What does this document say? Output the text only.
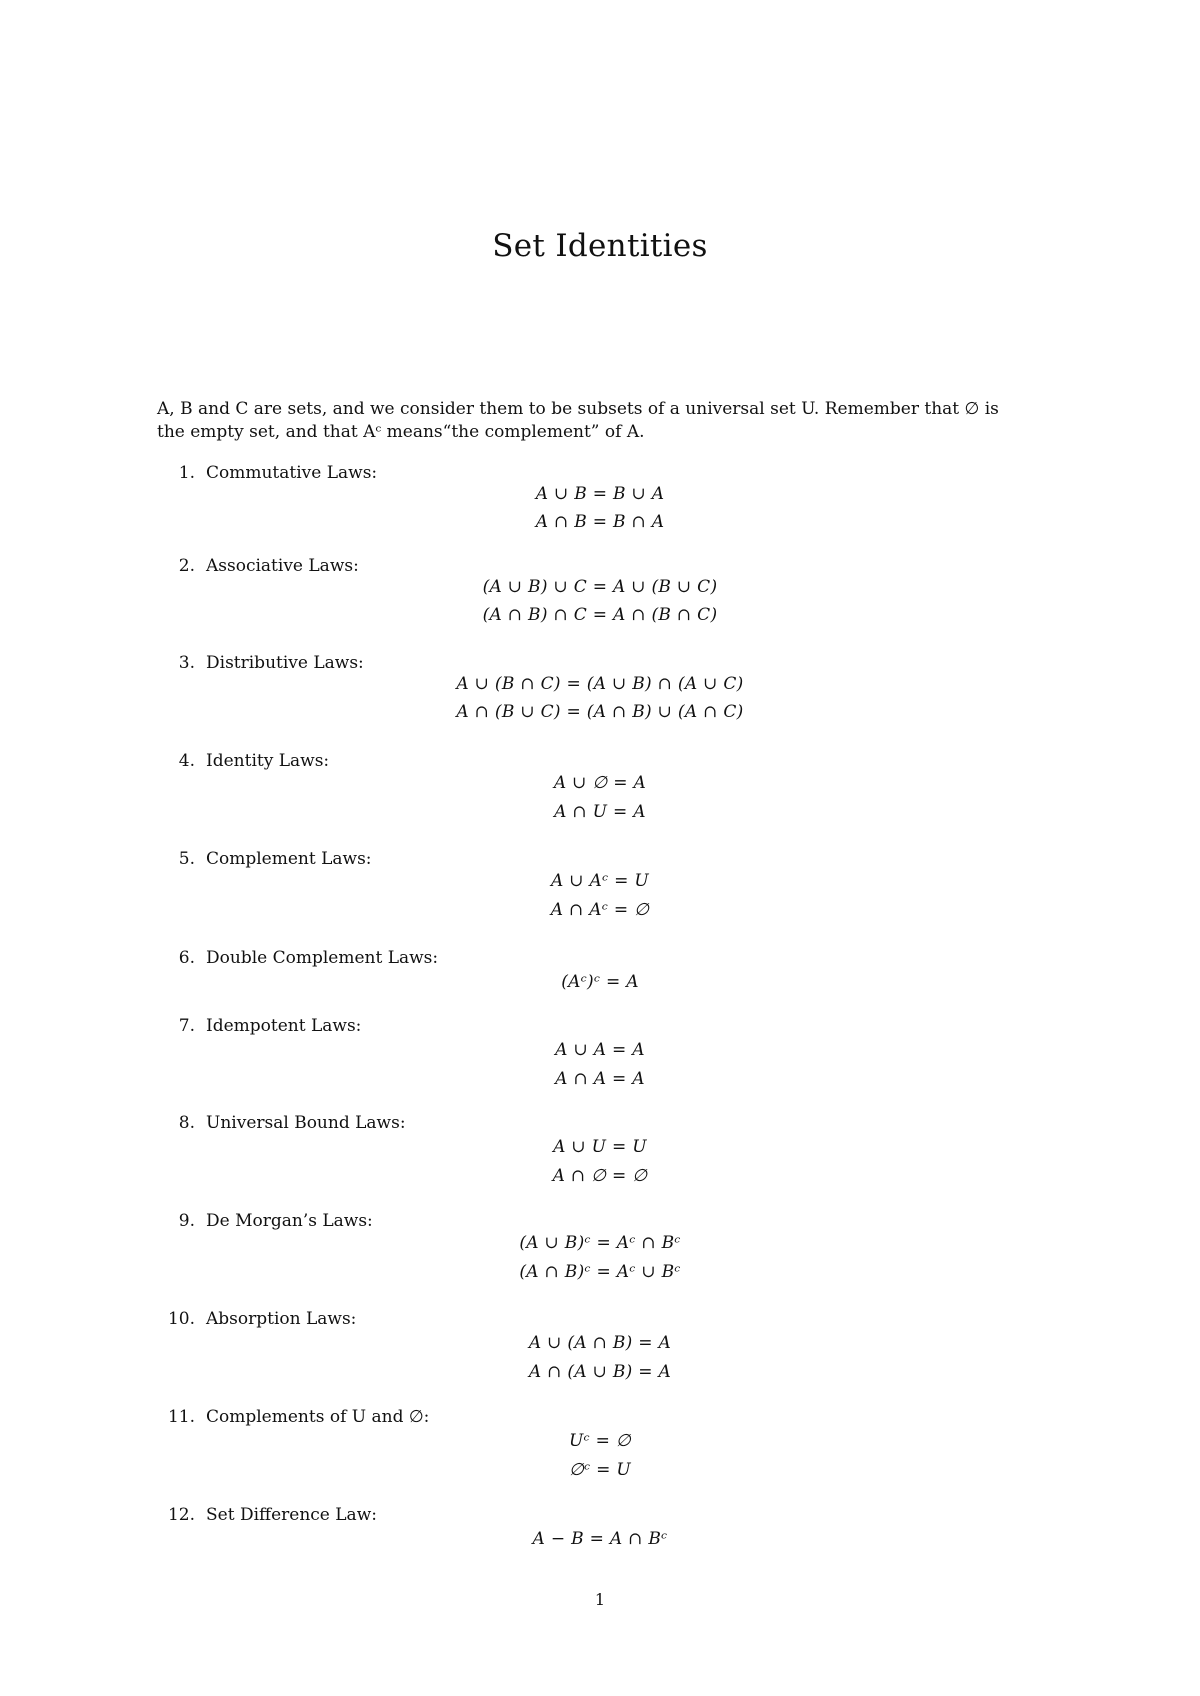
Set Identities
A, B and C are sets, and we consider them to be subsets of a universal set U. Remember that ∅ is
the empty set, and that Aᶜ means“the complement” of A.
1. Commutative Laws:
A ∪ B = B ∪ A
A ∩ B = B ∩ A
2. Associative Laws:
(A ∪ B) ∪ C = A ∪ (B ∪ C)
(A ∩ B) ∩ C = A ∩ (B ∩ C)
3. Distributive Laws:
A ∪ (B ∩ C) = (A ∪ B) ∩ (A ∪ C)
A ∩ (B ∪ C) = (A ∩ B) ∪ (A ∩ C)
4. Identity Laws:
A ∪ ∅ = A
A ∩ U = A
5. Complement Laws:
A ∪ Aᶜ = U
A ∩ Aᶜ = ∅
6. Double Complement Laws:
(Aᶜ)ᶜ = A
7. Idempotent Laws:
A ∪ A = A
A ∩ A = A
8. Universal Bound Laws:
A ∪ U = U
A ∩ ∅ = ∅
9. De Morgan’s Laws:
(A ∪ B)ᶜ = Aᶜ ∩ Bᶜ
(A ∩ B)ᶜ = Aᶜ ∪ Bᶜ
10. Absorption Laws:
A ∪ (A ∩ B) = A
A ∩ (A ∪ B) = A
11. Complements of U and ∅:
Uᶜ = ∅
∅ᶜ = U
12. Set Difference Law:
A − B = A ∩ Bᶜ
1
